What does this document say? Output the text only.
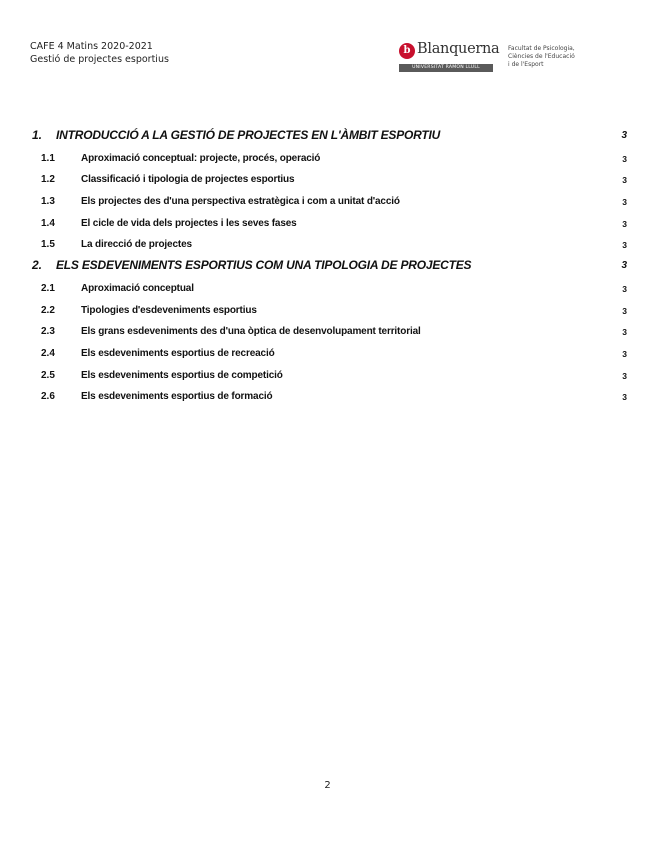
CAFE 4 Matins 2020-2021
Gestió de projectes esportius
b Blanquerna
UNIVERSITAT RAMON LLULL
Facultat de Psicologia,
Ciències de l'Educació
i de l'Esport
1. INTRODUCCIÓ A LA GESTIÓ DE PROJECTES EN L'ÀMBIT ESPORTIU	3
1.1	Aproximació conceptual: projecte, procés, operació	3
1.2	Classificació i tipologia de projectes esportius	3
1.3	Els projectes des d'una perspectiva estratègica i com a unitat d'acció	3
1.4	El cicle de vida dels projectes i les seves fases	3
1.5	La direcció de projectes	3
2. ELS ESDEVENIMENTS ESPORTIUS COM UNA TIPOLOGIA DE PROJECTES	3
2.1	Aproximació conceptual	3
2.2	Tipologies d'esdeveniments esportius	3
2.3	Els grans esdeveniments des d'una òptica de desenvolupament territorial	3
2.4	Els esdeveniments esportius de recreació	3
2.5	Els esdeveniments esportius de competició	3
2.6	Els esdeveniments esportius de formació	3
2
